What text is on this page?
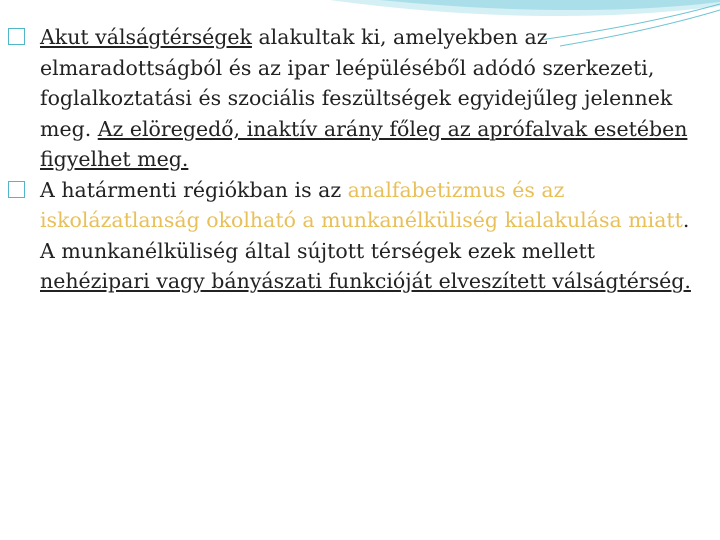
Akut válságtérségek alakultak ki, amelyekben az elmaradottságból és az ipar leépüléséből adódó szerkezeti, foglalkoztatási és szociális feszültségek egyidejűleg jelennek meg. Az elöregedő, inaktív arány főleg az aprófalvak esetében figyelhet meg.
A határmenti régiókban is az analfabetizmus és az iskolázatlanság okolható a munkanélküliség kialakulása miatt. A munkanélküliség által sújtott térségek ezek mellett nehézipari vagy bányászati funkcióját elveszített válságtérség.
